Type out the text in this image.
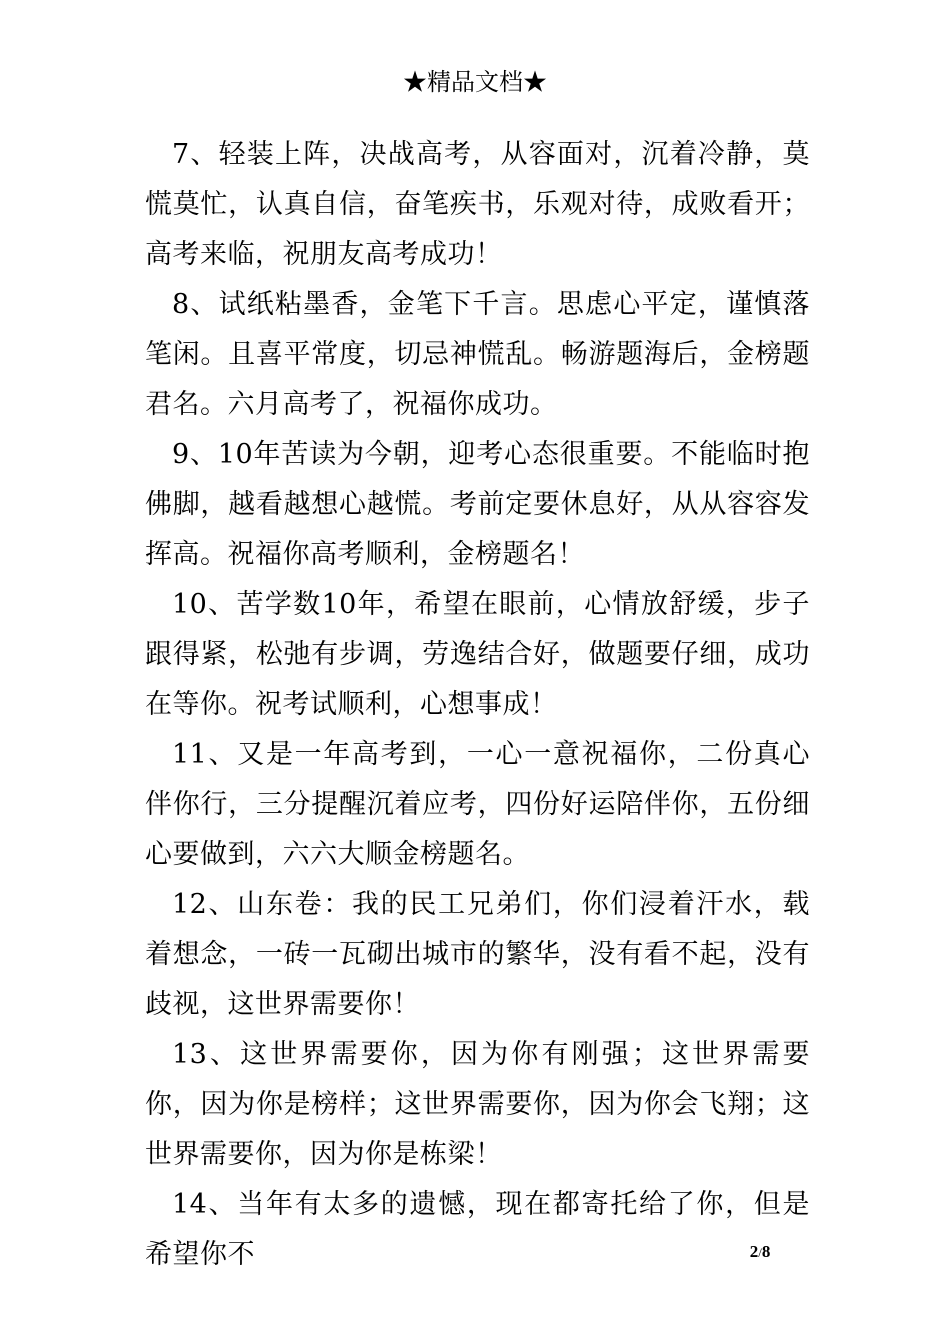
★精品文档★

7、轻装上阵，决战高考，从容面对，沉着冷静，莫慌莫忙，认真自信，奋笔疾书，乐观对待，成败看开；高考来临，祝朋友高考成功！

8、试纸粘墨香，金笔下千言。思虑心平定，谨慎落笔闲。且喜平常度，切忌神慌乱。畅游题海后，金榜题君名。六月高考了，祝福你成功。

9、10年苦读为今朝，迎考心态很重要。不能临时抱佛脚，越看越想心越慌。考前定要休息好，从从容容发挥高。祝福你高考顺利，金榜题名！

10、苦学数10年，希望在眼前，心情放舒缓，步子跟得紧，松弛有步调，劳逸结合好，做题要仔细，成功在等你。祝考试顺利，心想事成！

11、又是一年高考到，一心一意祝福你，二份真心伴你行，三分提醒沉着应考，四份好运陪伴你，五份细心要做到，六六大顺金榜题名。

12、山东卷：我的民工兄弟们，你们浸着汗水，载着想念，一砖一瓦砌出城市的繁华，没有看不起，没有歧视，这世界需要你！

13、这世界需要你，因为你有刚强；这世界需要你，因为你是榜样；这世界需要你，因为你会飞翔；这世界需要你，因为你是栋梁！

14、当年有太多的遗憾，现在都寄托给了你，但是希望你不	2/8
